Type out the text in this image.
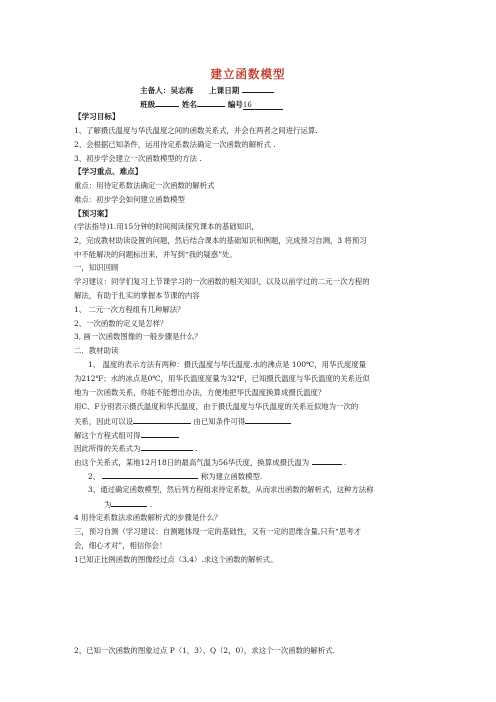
建立函数模型
主备人：吴志海 上课日期
班级	姓名	编号16
【学习目标】
1、了解摄氏温度与华氏温度之间的函数关系式，并会在两者之间进行运算.
2、会根据已知条件，运用待定系数法确定一次函数的解析式 .
3、初步学会建立一次函数模型的方法 .
【学习重点、难点】
重点：用待定系数法确定一次函数的解析式
难点：初步学会如何建立函数模型
【预习案】
(学法指导)1.用15分钟的时间阅读探究课本的基础知识，
2，完成教材助读设置的问题，然后结合课本的基础知识和例题，完成预习自测，3 将预习
中不能解决的问题标出来，并写到“我的疑惑”处。
一，知识回顾
学习建议：同学们复习上节课学习的一次函数的相关知识，以及以前学过的二元一次方程的
解法，有助于扎实的掌握本节课的内容
1、 二元一次方程组有几种解法？
2、一次函数的定义是怎样？
3, 画一次函数图像的一般步骤是什么？
二．教材助读
1、 温度的表示方法有两种：摄氏温度与华氏温度.水的沸点是 100℃，用华氏度度量
为212℉；水的冰点是0℃，用华氏温度度量为32℉，已知摄氏温度与华氏温度的关系近似
地为一次函数关系，你能不能想出办法，方便地把华氏温度换算成摄氏温度？
用C、F分别表示摄氏温度和华氏温度，由于摄氏温度与华氏温度的关系近似地为一次的
关系，因此可以设	由已知条件可得
解这个方程式组可得
因此所得的关系式为	.
由这个关系式，某地12月18日的最高气温为56华氏度，换算成摄氏温为	.
2、	称为建立函数模型.
3、通过确定函数模型，然后列方程组求待定系数，从而求出函数的解析式，这种方法称
为	.
4 用待定系数法求函数解析式的步骤是什么？
三，预习自测（学习建议：自测题体现一定的基础性，又有一定的思维含量,只有“思考才
会，细心才对”，相信你会！
1已知正比例函数的图像经过点（3,4）.求这个函数的解析式。
2、已知一次函数的图象过点 P（1，3）、Q（2，0），求这个一次函数的解析式.
